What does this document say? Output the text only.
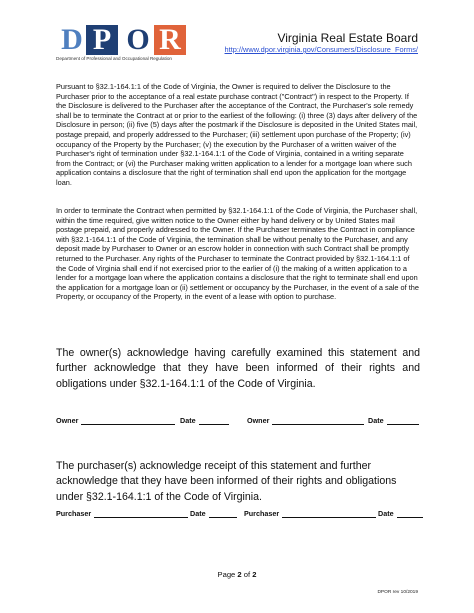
D P O R
Department of Professional and Occupational Regulation
Virginia Real Estate Board
http://www.dpor.virginia.gov/Consumers/Disclosure_Forms/

Pursuant to §32.1-164.1:1 of the Code of Virginia, the Owner is required to deliver the Disclosure to the Purchaser prior to the acceptance of a real estate purchase contract ("Contract") in respect to the Property. If the Disclosure is delivered to the Purchaser after the acceptance of the Contract, the Purchaser's sole remedy shall be to terminate the Contract at or prior to the earliest of the following: (i) three (3) days after delivery of the Disclosure in person; (ii) five (5) days after the postmark if the Disclosure is deposited in the United States mail, postage prepaid, and properly addressed to the Purchaser; (iii) settlement upon purchase of the Property; (iv) occupancy of the Property by the Purchaser; (v) the execution by the Purchaser of a written waiver of the Purchaser's right of termination under §32.1-164.1:1 of the Code of Virginia, contained in a writing separate from the Contract; or (vi) the Purchaser making written application to a lender for a mortgage loan where such application contains a disclosure that the right of termination shall end upon the application for the mortgage loan.

In order to terminate the Contract when permitted by §32.1-164.1:1 of the Code of Virginia, the Purchaser shall, within the time required, give written notice to the Owner either by hand delivery or by United States mail postage prepaid, and properly addressed to the Owner. If the Purchaser terminates the Contract in compliance with §32.1-164.1:1 of the Code of Virginia, the termination shall be without penalty to the Purchaser, and any deposit made by Purchaser to Owner or an escrow holder in connection with such Contract shall be promptly returned to the Purchaser. Any rights of the Purchaser to terminate the Contract provided by §32.1-164.1:1 of the Code of Virginia shall end if not exercised prior to the earlier of (i) the making of a written application to a lender for a mortgage loan where the application contains a disclosure that the right to terminate shall end upon the application for a mortgage loan or (ii) settlement or occupancy by the Purchaser, in the event of a sale of the Property, or occupancy of the Property, in the event of a lease with option to purchase.

The owner(s) acknowledge having carefully examined this statement and further acknowledge that they have been informed of their rights and obligations under §32.1-164.1:1 of the Code of Virginia.

Owner	Date	Owner	Date

The purchaser(s) acknowledge receipt of this statement and further acknowledge that they have been informed of their rights and obligations under §32.1-164.1:1 of the Code of Virginia.

Purchaser	Date	Purchaser	Date
Page 2 of 2
DPOR rev 10/2019
